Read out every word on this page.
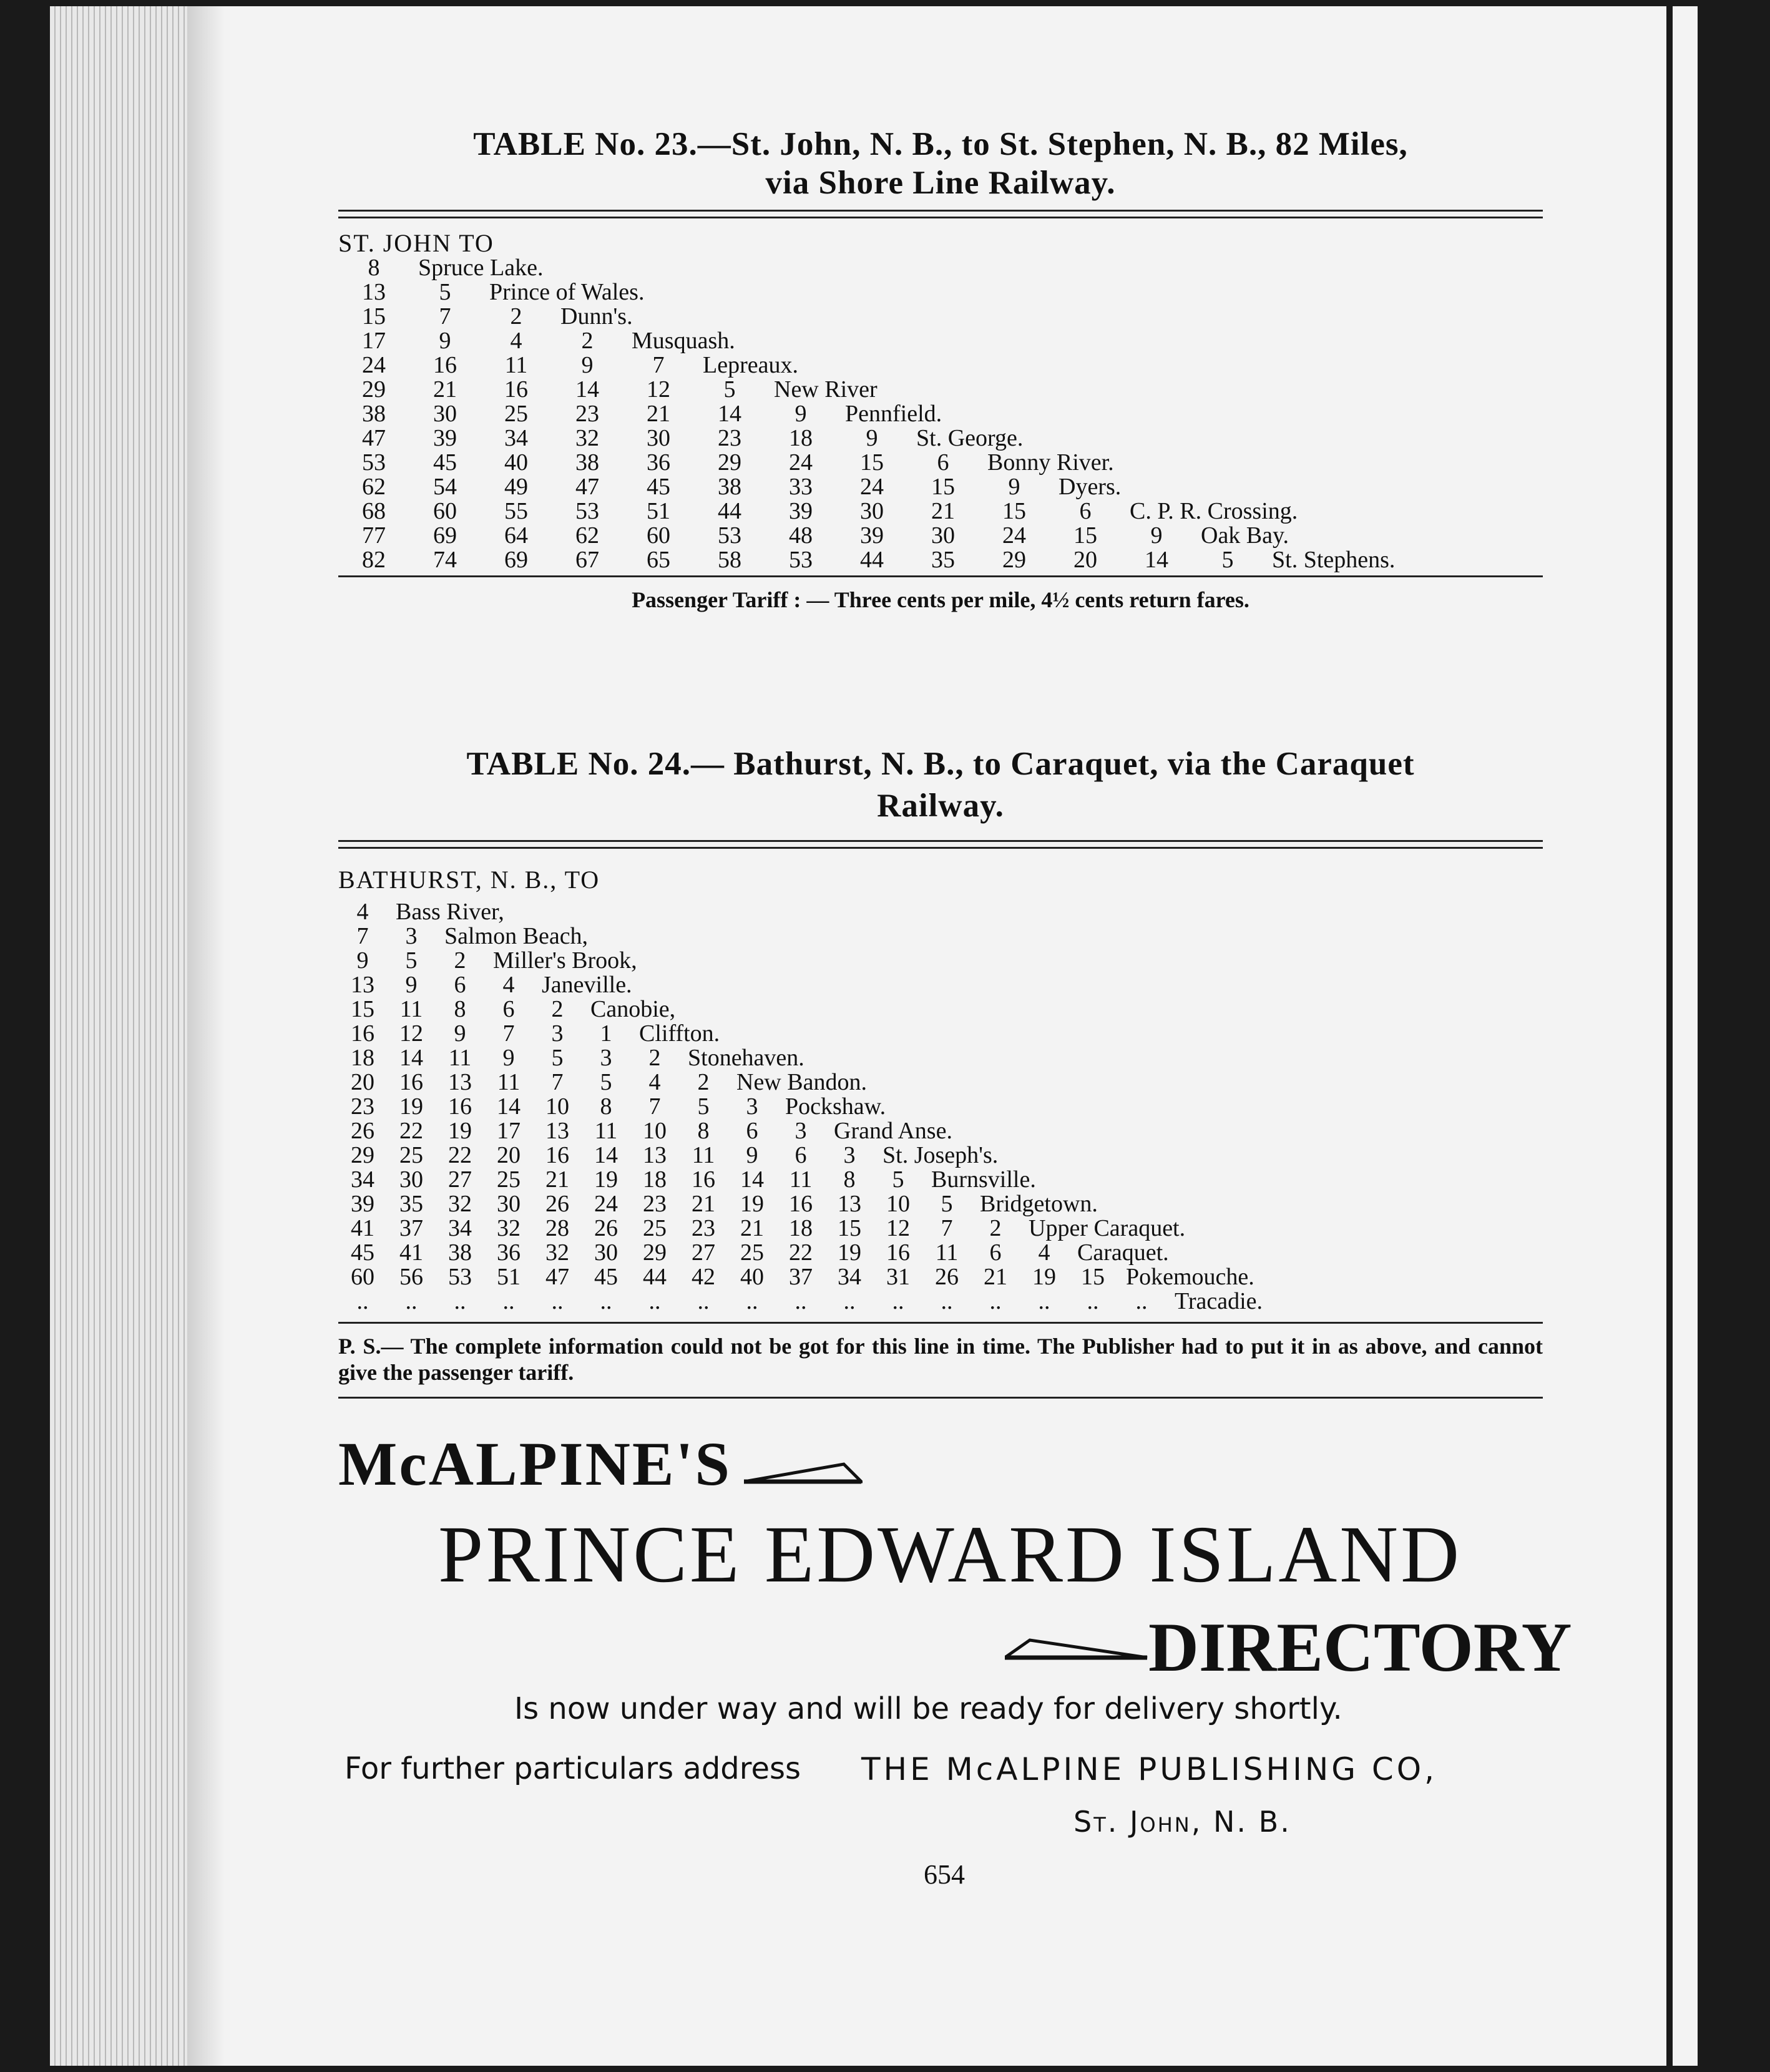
TABLE No. 23.—St. John, N. B., to St. Stephen, N. B., 82 Miles,
via Shore Line Railway.
ST. JOHN TO
8	Spruce Lake.												
13	5	Prince of Wales.											
15	7	2	Dunn's.										
17	9	4	2	Musquash.									
24	16	11	9	7	Lepreaux.								
29	21	16	14	12	5	New River							
38	30	25	23	21	14	9	Pennfield.						
47	39	34	32	30	23	18	9	St. George.					
53	45	40	38	36	29	24	15	6	Bonny River.				
62	54	49	47	45	38	33	24	15	9	Dyers.			
68	60	55	53	51	44	39	30	21	15	6	C. P. R. Crossing.		
77	69	64	62	60	53	48	39	30	24	15	9	Oak Bay.	
82	74	69	67	65	58	53	44	35	29	20	14	5	St. Stephens.
Passenger Tariff : — Three cents per mile, 4½ cents return fares.
TABLE No. 24.— Bathurst, N. B., to Caraquet, via the Caraquet
Railway.
BATHURST, N. B., TO
4	Bass River,																
7	3	Salmon Beach,															
9	5	2	Miller's Brook,														
13	9	6	4	Janeville.													
15	11	8	6	2	Canobie,												
16	12	9	7	3	1	Cliffton.											
18	14	11	9	5	3	2	Stonehaven.										
20	16	13	11	7	5	4	2	New Bandon.									
23	19	16	14	10	8	7	5	3	Pockshaw.								
26	22	19	17	13	11	10	8	6	3	Grand Anse.							
29	25	22	20	16	14	13	11	9	6	3	St. Joseph's.						
34	30	27	25	21	19	18	16	14	11	8	5	Burnsville.					
39	35	32	30	26	24	23	21	19	16	13	10	5	Bridgetown.				
41	37	34	32	28	26	25	23	21	18	15	12	7	2	Upper Caraquet.			
45	41	38	36	32	30	29	27	25	22	19	16	11	6	4	Caraquet.		
60	56	53	51	47	45	44	42	40	37	34	31	26	21	19	15	Pokemouche.	
..	..	..	..	..	..	..	..	..	..	..	..	..	..	..	..	..	Tracadie.
P. S.— The complete information could not be got for this line in time. The Publisher had to put it in as above, and cannot give the passenger tariff.
McALPINE'S
PRINCE EDWARD ISLAND
DIRECTORY
Is now under way and will be ready for delivery shortly.
For further particulars address THE McALPINE PUBLISHING CO,
St. John, N. B.
654
